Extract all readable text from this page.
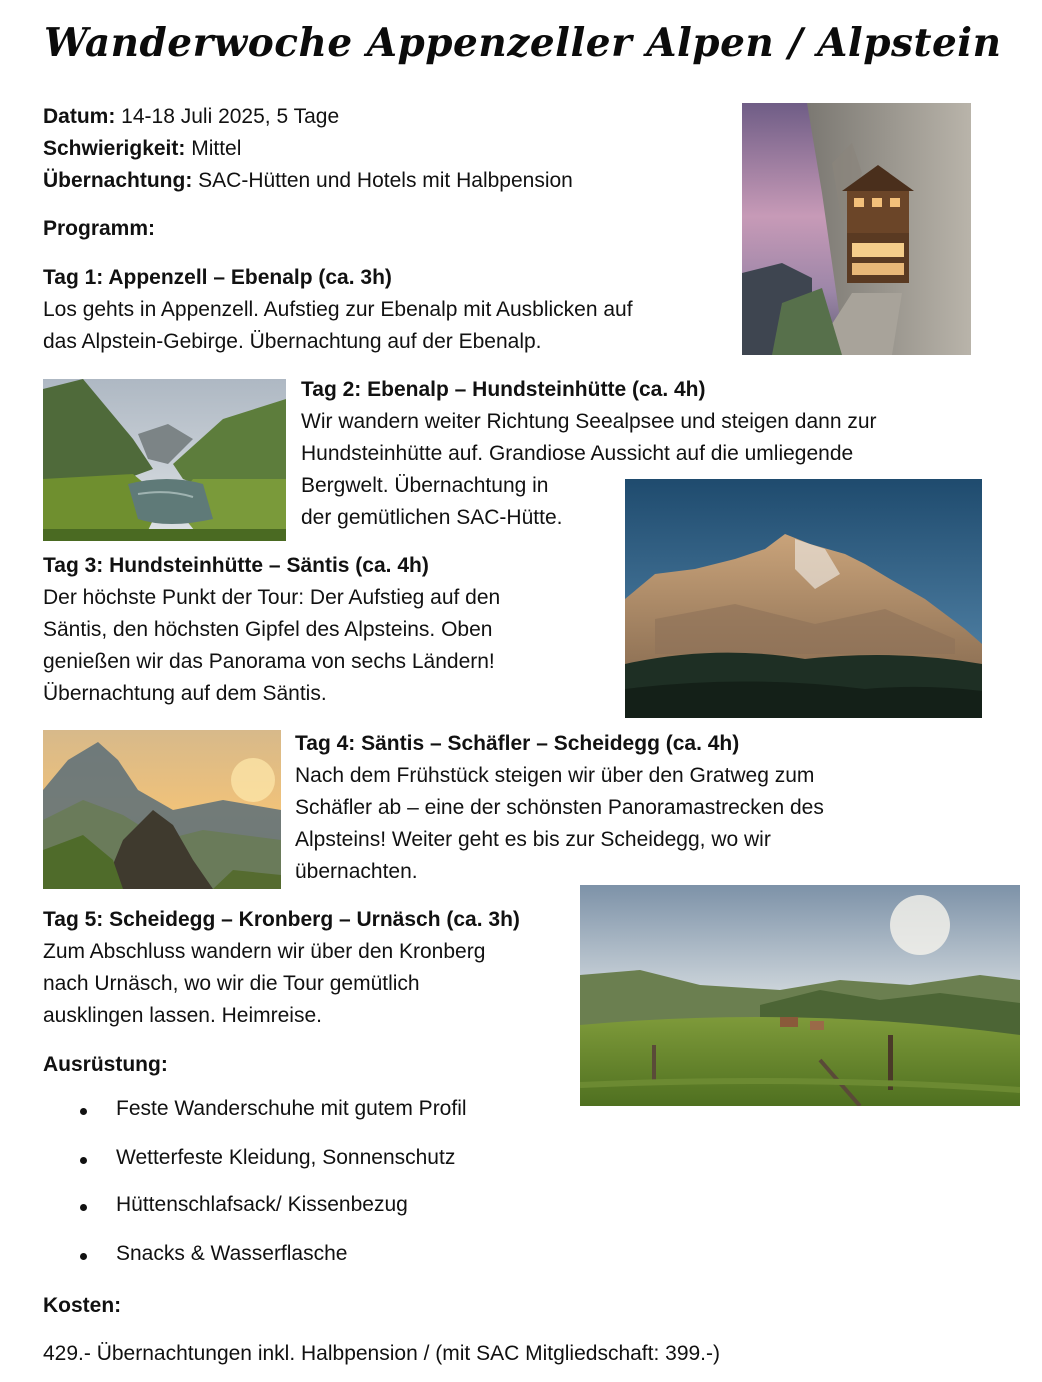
Wanderwoche Appenzeller Alpen / Alpstein
Datum: 14-18 Juli 2025, 5 Tage
Schwierigkeit: Mittel
Übernachtung: SAC-Hütten und Hotels mit Halbpension
Programm:
Tag 1: Appenzell – Ebenalp (ca. 3h)
Los gehts in Appenzell. Aufstieg zur Ebenalp mit Ausblicken auf
das Alpstein-Gebirge. Übernachtung auf der Ebenalp.
Tag 2: Ebenalp – Hundsteinhütte (ca. 4h)
Wir wandern weiter Richtung Seealpsee und steigen dann zur
Hundsteinhütte auf. Grandiose Aussicht auf die umliegende
Bergwelt. Übernachtung in
der gemütlichen SAC-Hütte.
Tag 3: Hundsteinhütte – Säntis (ca. 4h)
Der höchste Punkt der Tour: Der Aufstieg auf den
Säntis, den höchsten Gipfel des Alpsteins. Oben
genießen wir das Panorama von sechs Ländern!
Übernachtung auf dem Säntis.
Tag 4: Säntis – Schäfler – Scheidegg (ca. 4h)
Nach dem Frühstück steigen wir über den Gratweg zum
Schäfler ab – eine der schönsten Panoramastrecken des
Alpsteins! Weiter geht es bis zur Scheidegg, wo wir
übernachten.
Tag 5: Scheidegg – Kronberg – Urnäsch (ca. 3h)
Zum Abschluss wandern wir über den Kronberg
nach Urnäsch, wo wir die Tour gemütlich
ausklingen lassen. Heimreise.
Ausrüstung:
Feste Wanderschuhe mit gutem Profil
Wetterfeste Kleidung, Sonnenschutz
Hüttenschlafsack/ Kissenbezug
Snacks & Wasserflasche
Kosten:
429.- Übernachtungen inkl. Halbpension / (mit SAC Mitgliedschaft: 399.-)
